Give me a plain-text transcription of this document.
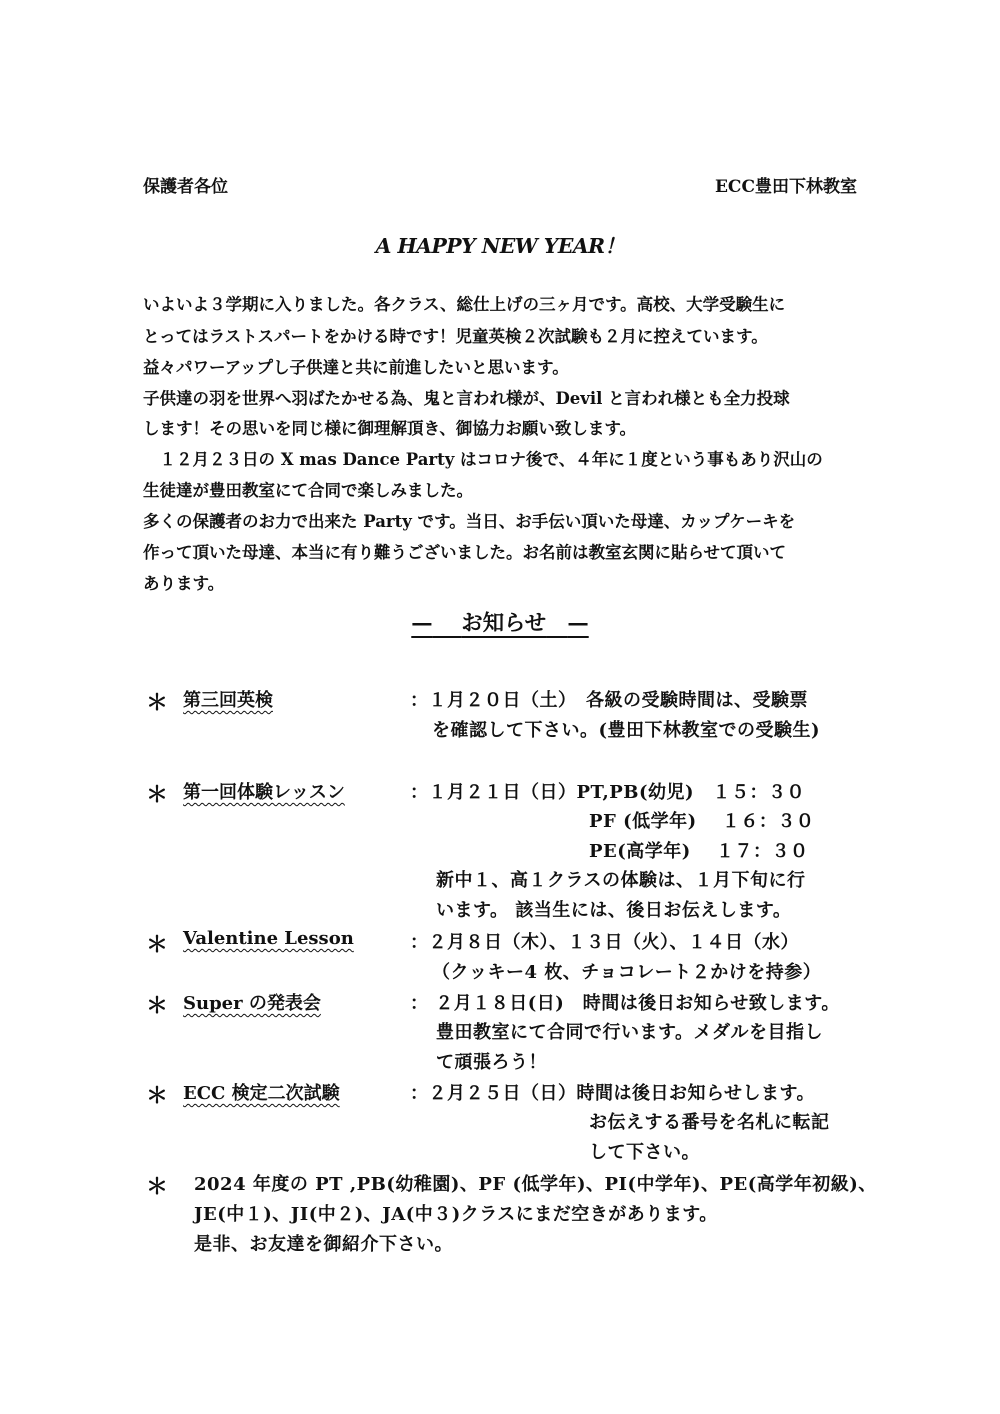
保護者各位	ECC豊田下林教室
A HAPPY NEW YEAR！
いよいよ３学期に入りました。各クラス、総仕上げの三ヶ月です。高校、大学受験生に
とってはラストスパートをかける時です！児童英検２次試験も２月に控えています。
益々パワーアップし子供達と共に前進したいと思います。
子供達の羽を世界へ羽ばたかせる為、鬼と言われ様が、Devil と言われ様とも全力投球
します！その思いを同じ様に御理解頂き、御協力お願い致します。
　１２月２３日の X mas Dance Party はコロナ後で、４年に１度という事もあり沢山の
生徒達が豊田教室にて合同で楽しみました。
多くの保護者のお力で出来た Party です。当日、お手伝い頂いた母達、カップケーキを
作って頂いた母達、本当に有り難うございました。お名前は教室玄関に貼らせて頂いて
あります。
—　 お知らせ　 —
＊ 第三回英検	：１月２０日（土）　各級の受験時間は、受験票
を確認して下さい。(豊田下林教室での受験生)
＊ 第一回体験レッスン	：１月２１日（日）PT,PB(幼児)　１５：３０
PF (低学年)　 １６：３０
PE(高学年)　 １７：３０
新中１、高１クラスの体験は、１月下旬に行
います。 該当生には、後日お伝えします。
＊ Valentine Lesson	：２月８日（木）、１３日（火）、１４日（水）
（クッキー4 枚、チョコレート２かけを持参）
＊ Super の発表会	： ２月１８日(日)　時間は後日お知らせ致します。
豊田教室にて合同で行います。メダルを目指し
て頑張ろう！
＊ ECC 検定二次試験	：２月２５日（日）時間は後日お知らせします。
お伝えする番号を名札に転記
して下さい。
＊ 2024 年度の PT ,PB(幼稚園)、PF (低学年)、PI(中学年)、PE(高学年初級)、
JE(中１)、JI(中２)、JA(中３)クラスにまだ空きがあります。
是非、お友達を御紹介下さい。
